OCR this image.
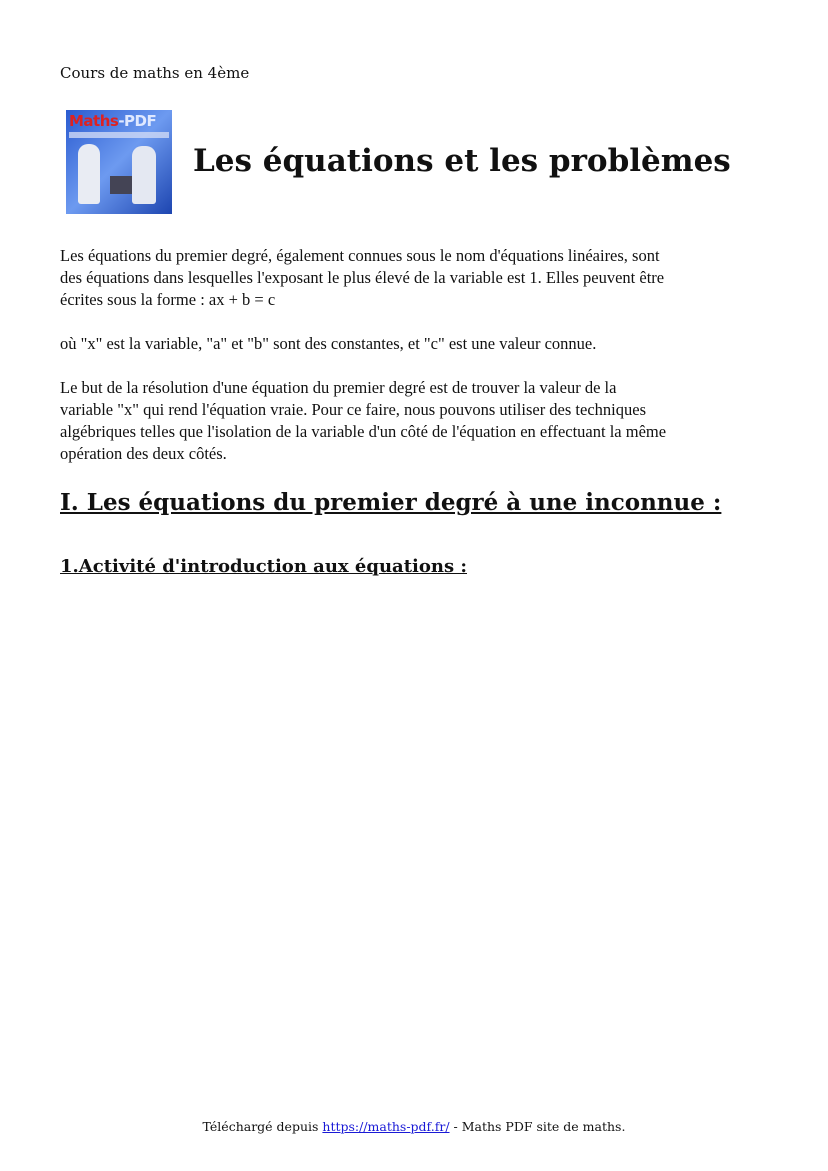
Cours de maths en 4ème
Maths-PDF
Les équations et les problèmes
Les équations du premier degré, également connues sous le nom d'équations linéaires, sont
des équations dans lesquelles l'exposant le plus élevé de la variable est 1. Elles peuvent être
écrites sous la forme : ax + b = c
où "x" est la variable, "a" et "b" sont des constantes, et "c" est une valeur connue.
Le but de la résolution d'une équation du premier degré est de trouver la valeur de la
variable "x" qui rend l'équation vraie. Pour ce faire, nous pouvons utiliser des techniques
algébriques telles que l'isolation de la variable d'un côté de l'équation en effectuant la même
opération des deux côtés.
I. Les équations du premier degré à une inconnue :
1.Activité d'introduction aux équations :
Téléchargé depuis https://maths-pdf.fr/ - Maths PDF site de maths.
